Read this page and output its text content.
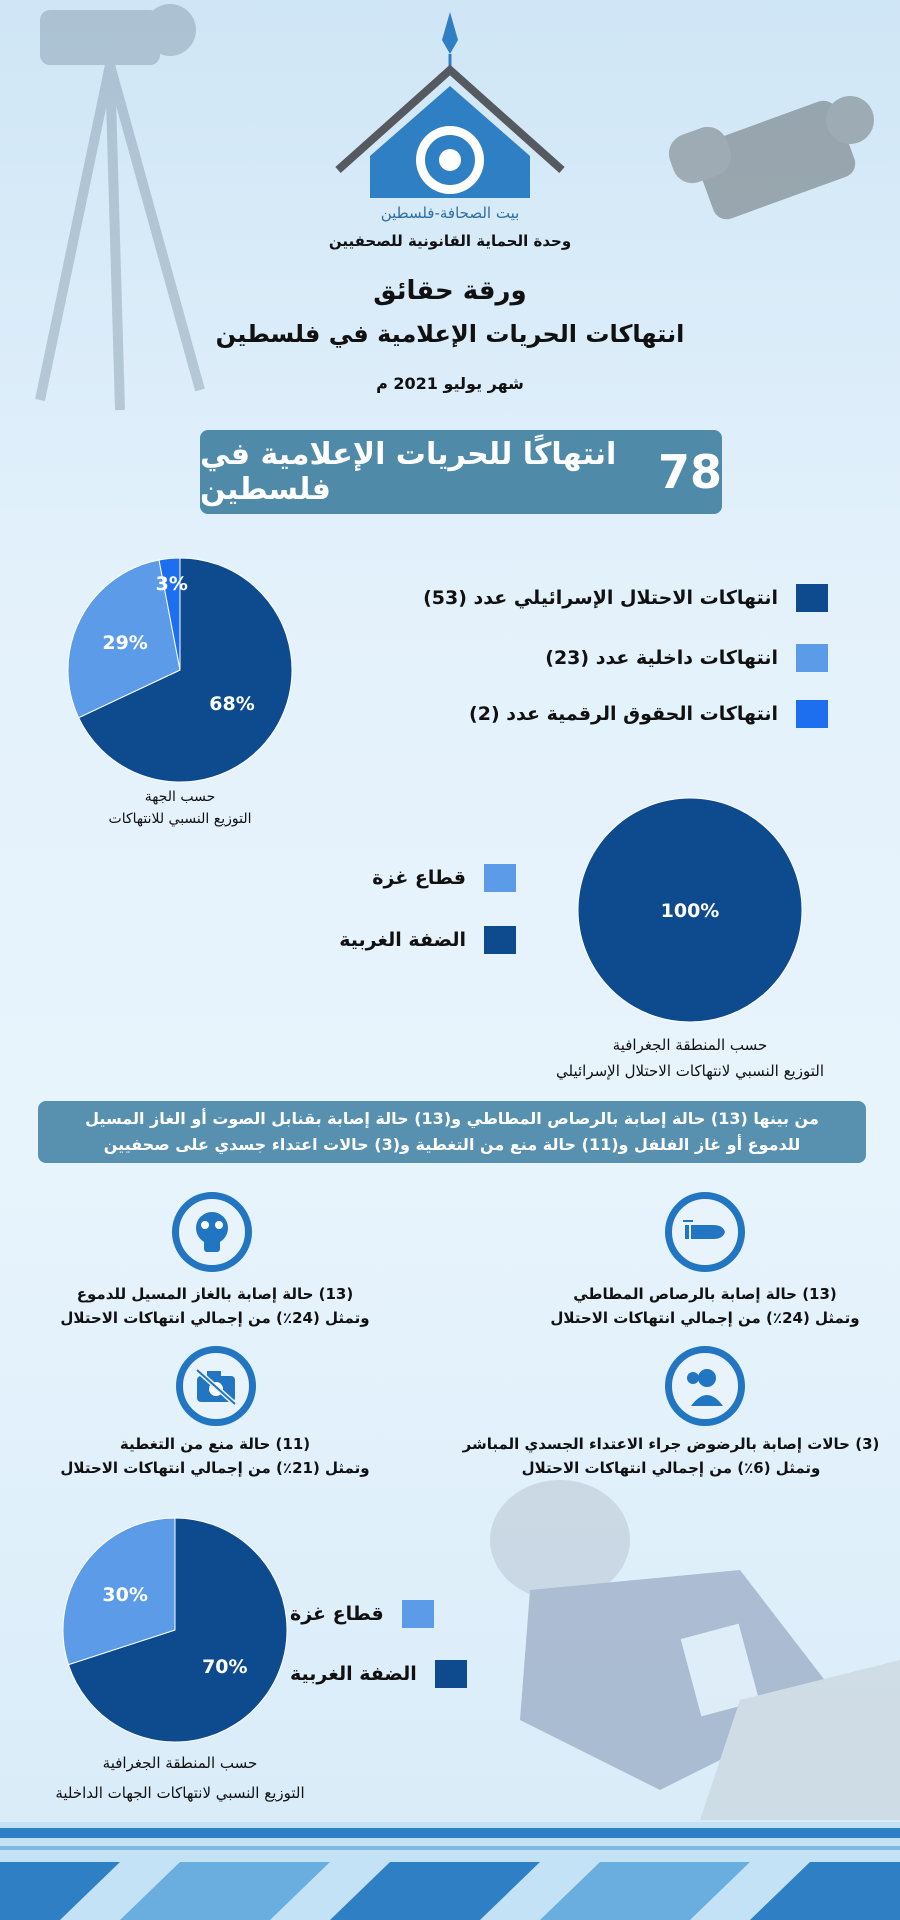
بيت الصحافة-فلسطين
وحدة الحماية القانونية للصحفيين
ورقة حقائق
انتهاكات الحريات الإعلامية في فلسطين
شهر يوليو 2021 م
انتهاكًا للحريات الإعلامية في فلسطين	78
68%
29%
3%
انتهاكات الاحتلال الإسرائيلي عدد (53)
انتهاكات داخلية عدد (23)
انتهاكات الحقوق الرقمية عدد (2)
حسب الجهة
التوزيع النسبي للانتهاكات
100%
قطاع غزة
الضفة الغربية
حسب المنطقة الجغرافية
التوزيع النسبي لانتهاكات الاحتلال الإسرائيلي
من بينها (13) حالة إصابة بالرصاص المطاطي و(13) حالة إصابة بقنابل الصوت أو الغاز المسيل
للدموع أو غاز الفلفل و(11) حالة منع من التغطية و(3) حالات اعتداء جسدي على صحفيين
(13) حالة إصابة بالرصاص المطاطي
وتمثل (24٪) من إجمالي انتهاكات الاحتلال
(13) حالة إصابة بالغاز المسيل للدموع
وتمثل (24٪) من إجمالي انتهاكات الاحتلال
(3) حالات إصابة بالرضوض جراء الاعتداء الجسدي المباشر
وتمثل (6٪) من إجمالي انتهاكات الاحتلال
(11) حالة منع من التغطية
وتمثل (21٪) من إجمالي انتهاكات الاحتلال
70%
30%
قطاع غزة
الضفة الغربية
حسب المنطقة الجغرافية
التوزيع النسبي لانتهاكات الجهات الداخلية
